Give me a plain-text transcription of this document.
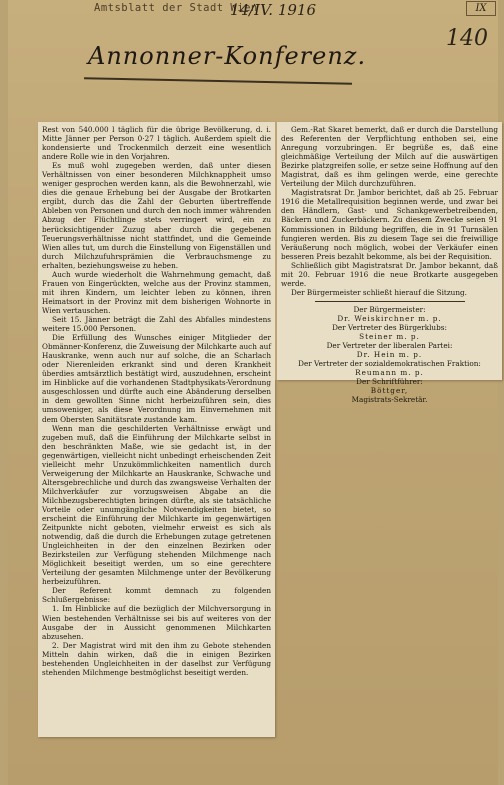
Amtsblatt der Stadt Wien
14/IV. 1916	IX
140
Annonner-Konferenz.

Rest von 540.000 l täglich für die übrige Bevölkerung, d. i. Mitte Jänner per Person 0·27 l täglich. Außerdem spielt die kondensierte und Trockenmilch derzeit eine wesentlich andere Rolle wie in den Vorjahren.

Es muß wohl zugegeben werden, daß unter diesen Verhältnissen von einer besonderen Milchknappheit umso weniger gesprochen werden kann, als die Bewohnerzahl, wie dies die genaue Erhebung bei der Ausgabe der Brotkarten ergibt, durch das die Zahl der Geburten übertreffende Ableben von Personen und durch den noch immer währenden Abzug der Flüchtlinge stets verringert wird, ein zu berücksichtigender Zuzug aber durch die gegebenen Teuerungsverhältnisse nicht stattfindet, und die Gemeinde Wien alles tut, um durch die Einstellung von Eigenställen und durch Milchzufuhrsprämien die Verbrauchsmenge zu erhalten, beziehungsweise zu heben.

Auch wurde wiederholt die Wahrnehmung gemacht, daß Frauen von Eingerückten, welche aus der Provinz stammen, mit ihren Kindern, um leichter leben zu können, ihren Heimatsort in der Provinz mit dem bisherigen Wohnorte in Wien vertauschen.

Seit 15. Jänner beträgt die Zahl des Abfalles mindestens weitere 15.000 Personen.

Die Erfüllung des Wunsches einiger Mitglieder der Obmänner-Konferenz, die Zuweisung der Milchkarte auch auf Hauskranke, wenn auch nur auf solche, die an Scharlach oder Nierenleiden erkrankt sind und deren Krankheit überdies amtsärztlich bestätigt wird, auszudehnen, erscheint im Hinblicke auf die vorhandenen Stadtphysikats-Verordnung ausgeschlossen und dürfte auch eine Abänderung derselben in dem gewollten Sinne nicht herbeizuführen sein, dies umsoweniger, als diese Verordnung im Einvernehmen mit dem Obersten Sanitätsrate zustande kam.

Wenn man die geschilderten Verhältnisse erwägt und zugeben muß, daß die Einführung der Milchkarte selbst in den beschränkten Maße, wie sie gedacht ist, in der gegenwärtigen, vielleicht nicht unbedingt erheischenden Zeit vielleicht mehr Unzukömmlichkeiten namentlich durch Verweigerung der Milchkarte an Hauskranke, Schwache und Altersgebrechliche und durch das zwangsweise Verhalten der Milchverkäufer zur vorzugsweisen Abgabe an die Milchbezugsberechtigten bringen dürfte, als sie tatsächliche Vorteile oder unumgängliche Notwendigkeiten bietet, so erscheint die Einführung der Milchkarte im gegenwärtigen Zeitpunkte nicht geboten, vielmehr erweist es sich als notwendig, daß die durch die Erhebungen zutage getretenen Ungleichheiten in der den einzelnen Bezirken oder Bezirksteilen zur Verfügung stehenden Milchmenge nach Möglichkeit beseitigt werden, um so eine gerechtere Verteilung der gesamten Milchmenge unter der Bevölkerung herbeizuführen.

Der Referent kommt demnach zu folgenden Schlußergebnisse:

1. Im Hinblicke auf die bezüglich der Milchversorgung in Wien bestehenden Verhältnisse sei bis auf weiteres von der Ausgabe der in Aussicht genommenen Milchkarten abzusehen.

2. Der Magistrat wird mit den ihm zu Gebote stehenden Mitteln dahin wirken, daß die in einigen Bezirken bestehenden Ungleichheiten in der daselbst zur Verfügung stehenden Milchmenge bestmöglichst beseitigt werden.

Gem.-Rat Skaret bemerkt, daß er durch die Darstellung des Referenten der Verpflichtung enthoben sei, eine Anregung vorzubringen. Er begrüße es, daß eine gleichmäßige Verteilung der Milch auf die auswärtigen Bezirke platzgreifen solle, er setze seine Hoffnung auf den Magistrat, daß es ihm gelingen werde, eine gerechte Verteilung der Milch durchzuführen.

Magistratsrat Dr. Jambor berichtet, daß ab 25. Februar 1916 die Metallrequisition beginnen werde, und zwar bei den Händlern, Gast- und Schankgewerbetreibenden, Bäckern und Zuckerbäckern. Zu diesem Zwecke seien 91 Kommissionen in Bildung begriffen, die in 91 Turnsälen fungieren werden. Bis zu diesem Tage sei die freiwillige Veräußerung noch möglich, wobei der Verkäufer einen besseren Preis bezahlt bekomme, als bei der Requisition.

Schließlich gibt Magistratsrat Dr. Jambor bekannt, daß mit 20. Februar 1916 die neue Brotkarte ausgegeben werde.

Der Bürgermeister schließt hierauf die Sitzung.

Der Bürgermeister:

Dr. Weiskirchner m. p.

Der Vertreter des Bürgerklubs:

Steiner m. p.

Der Vertreter der liberalen Partei:

Dr. Hein m. p.

Der Vertreter der sozialdemokratischen Fraktion:

Reumann m. p.

Der Schriftführer:

Böttger,

Magistrats-Sekretär.
